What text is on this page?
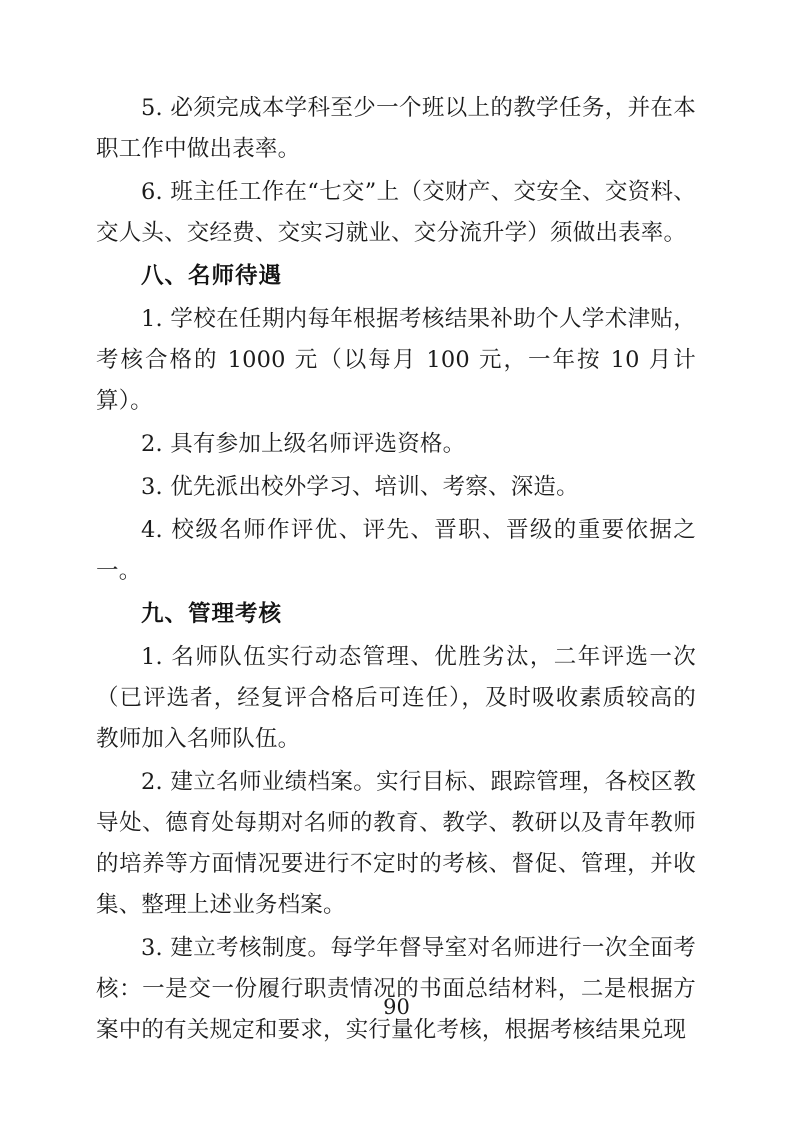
5. 必须完成本学科至少一个班以上的教学任务，并在本职工作中做出表率。

6. 班主任工作在“七交”上（交财产、交安全、交资料、交人头、交经费、交实习就业、交分流升学）须做出表率。

八、名师待遇

1. 学校在任期内每年根据考核结果补助个人学术津贴，考核合格的 1000 元（以每月 100 元，一年按 10 月计算）。

2. 具有参加上级名师评选资格。

3. 优先派出校外学习、培训、考察、深造。

4. 校级名师作评优、评先、晋职、晋级的重要依据之一。

九、管理考核

1. 名师队伍实行动态管理、优胜劣汰，二年评选一次（已评选者，经复评合格后可连任），及时吸收素质较高的教师加入名师队伍。

2. 建立名师业绩档案。实行目标、跟踪管理，各校区教导处、德育处每期对名师的教育、教学、教研以及青年教师的培养等方面情况要进行不定时的考核、督促、管理，并收集、整理上述业务档案。

3. 建立考核制度。每学年督导室对名师进行一次全面考核：一是交一份履行职责情况的书面总结材料，二是根据方案中的有关规定和要求，实行量化考核，根据考核结果兑现

90
